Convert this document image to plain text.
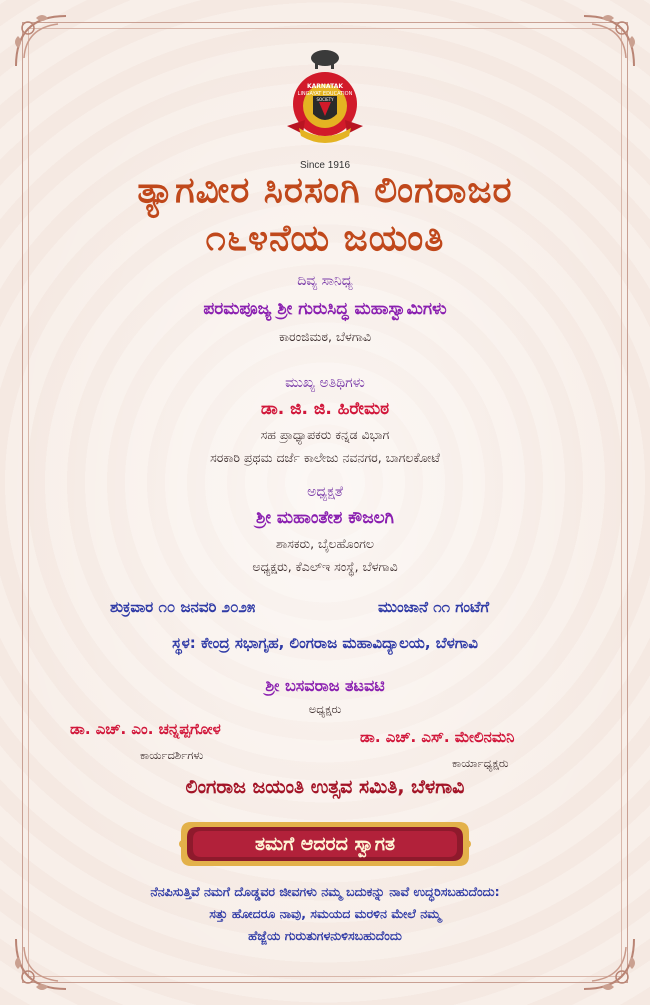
KARNATAK
LINGAYAT EDUCATION
SOCIETY
Since 1916
ತ್ಯಾಗವೀರ ಸಿರಸಂಗಿ ಲಿಂಗರಾಜರ
೧೬೪ನೆಯ ಜಯಂತಿ
ದಿವ್ಯ ಸಾನಿಧ್ಯ
ಪರಮಪೂಜ್ಯ ಶ್ರೀ ಗುರುಸಿದ್ಧ ಮಹಾಸ್ವಾಮಿಗಳು
ಕಾರಂಜಿಮಠ, ಬೆಳಗಾವಿ
ಮುಖ್ಯ ಅತಿಥಿಗಳು
ಡಾ. ಜಿ. ಜಿ. ಹಿರೇಮಠ
ಸಹ ಪ್ರಾಧ್ಯಾಪಕರು ಕನ್ನಡ ವಿಭಾಗ
ಸರಕಾರಿ ಪ್ರಥಮ ದರ್ಜೆ ಕಾಲೇಜು ನವನಗರ, ಬಾಗಲಕೋಟೆ
ಅಧ್ಯಕ್ಷತೆ
ಶ್ರೀ ಮಹಾಂತೇಶ ಕೌಜಲಗಿ
ಶಾಸಕರು, ಬೈಲಹೊಂಗಲ
ಅಧ್ಯಕ್ಷರು, ಕೆಎಲ್‌ಇ ಸಂಸ್ಥೆ, ಬೆಳಗಾವಿ
ಶುಕ್ರವಾರ ೧೦ ಜನವರಿ ೨೦೨೫	ಮುಂಜಾನೆ ೧೧ ಗಂಟೆಗೆ
ಸ್ಥಳ: ಕೇಂದ್ರ ಸಭಾಗೃಹ, ಲಿಂಗರಾಜ ಮಹಾವಿದ್ಯಾಲಯ, ಬೆಳಗಾವಿ
ಶ್ರೀ ಬಸವರಾಜ ತಟವಟಿ
ಅಧ್ಯಕ್ಷರು
ಡಾ. ಎಚ್. ಎಂ. ಚನ್ನಪ್ಪಗೋಳ
ಕಾರ್ಯದರ್ಶಿಗಳು
ಡಾ. ಎಚ್. ಎಸ್. ಮೇಲಿನಮನಿ
ಕಾರ್ಯಾಧ್ಯಕ್ಷರು
ಲಿಂಗರಾಜ ಜಯಂತಿ ಉತ್ಸವ ಸಮಿತಿ, ಬೆಳಗಾವಿ
ತಮಗೆ ಆದರದ ಸ್ವಾಗತ
ನೆನಪಿಸುತ್ತಿವೆ ನಮಗೆ ದೊಡ್ಡವರ ಜೀವಗಳು ನಮ್ಮ ಬದುಕನ್ನು ನಾವೆ ಉದ್ಧರಿಸಬಹುದೆಂದು:
ಸತ್ತು ಹೋದರೂ ನಾವು, ಸಮಯದ ಮರಳಿನ ಮೇಲೆ ನಮ್ಮ
ಹೆಜ್ಜೆಯ ಗುರುತುಗಳನುಳಿಸಬಹುದೆಂದು
